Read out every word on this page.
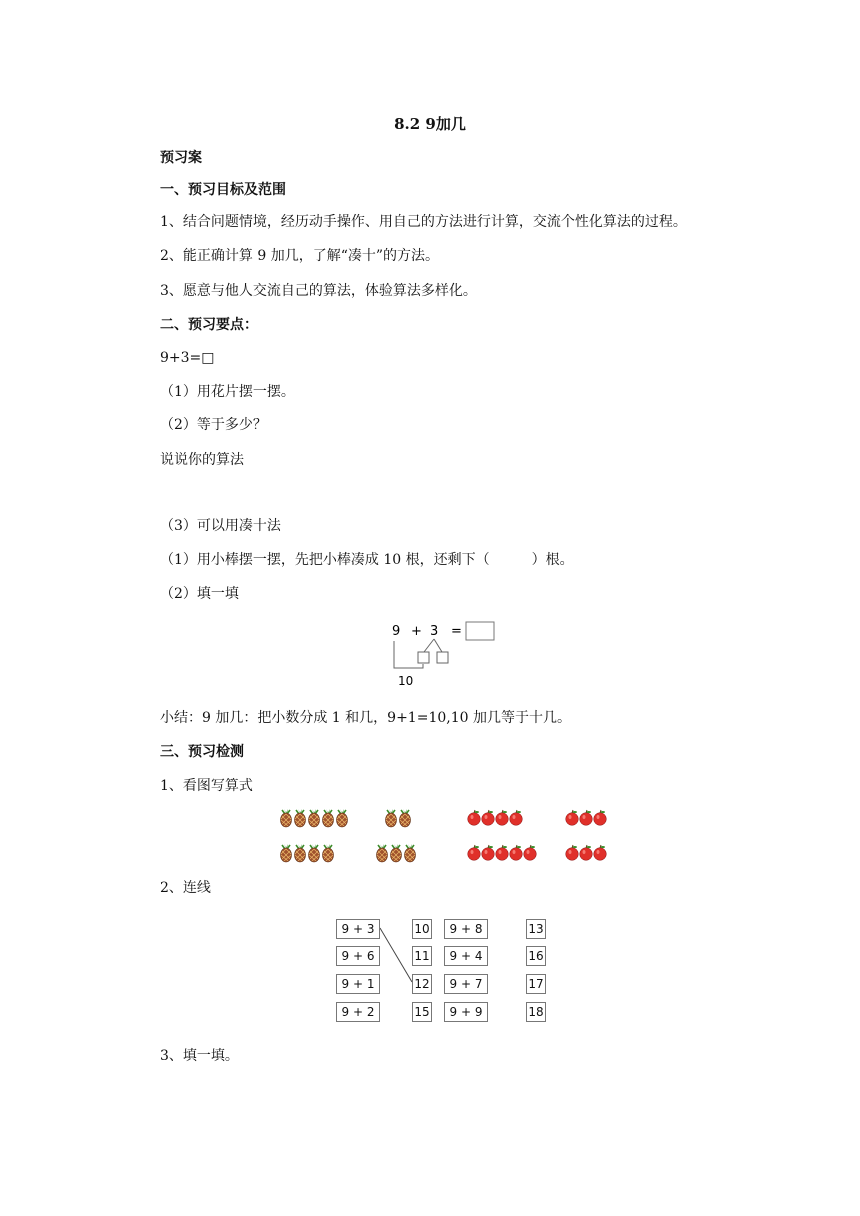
8.2 9加几
预习案
一、预习目标及范围
1、结合问题情境，经历动手操作、用自己的方法进行计算，交流个性化算法的过程。
2、能正确计算 9 加几，了解“凑十”的方法。
3、愿意与他人交流自己的算法，体验算法多样化。
二、预习要点：
9+3=□
（1）用花片摆一摆。
（2）等于多少？
说说你的算法
（3）可以用凑十法
（1）用小棒摆一摆，先把小棒凑成 10 根，还剩下（　　　）根。
（2）填一填
9 + 3 =
10
小结：9 加几：把小数分成 1 和几，9+1=10,10 加几等于十几。
三、预习检测
1、看图写算式
2、连线
9 + 3
9 + 6
9 + 1
9 + 2
10
11
12
15
9 + 8
9 + 4
9 + 7
9 + 9
13
16
17
18
3、填一填。
